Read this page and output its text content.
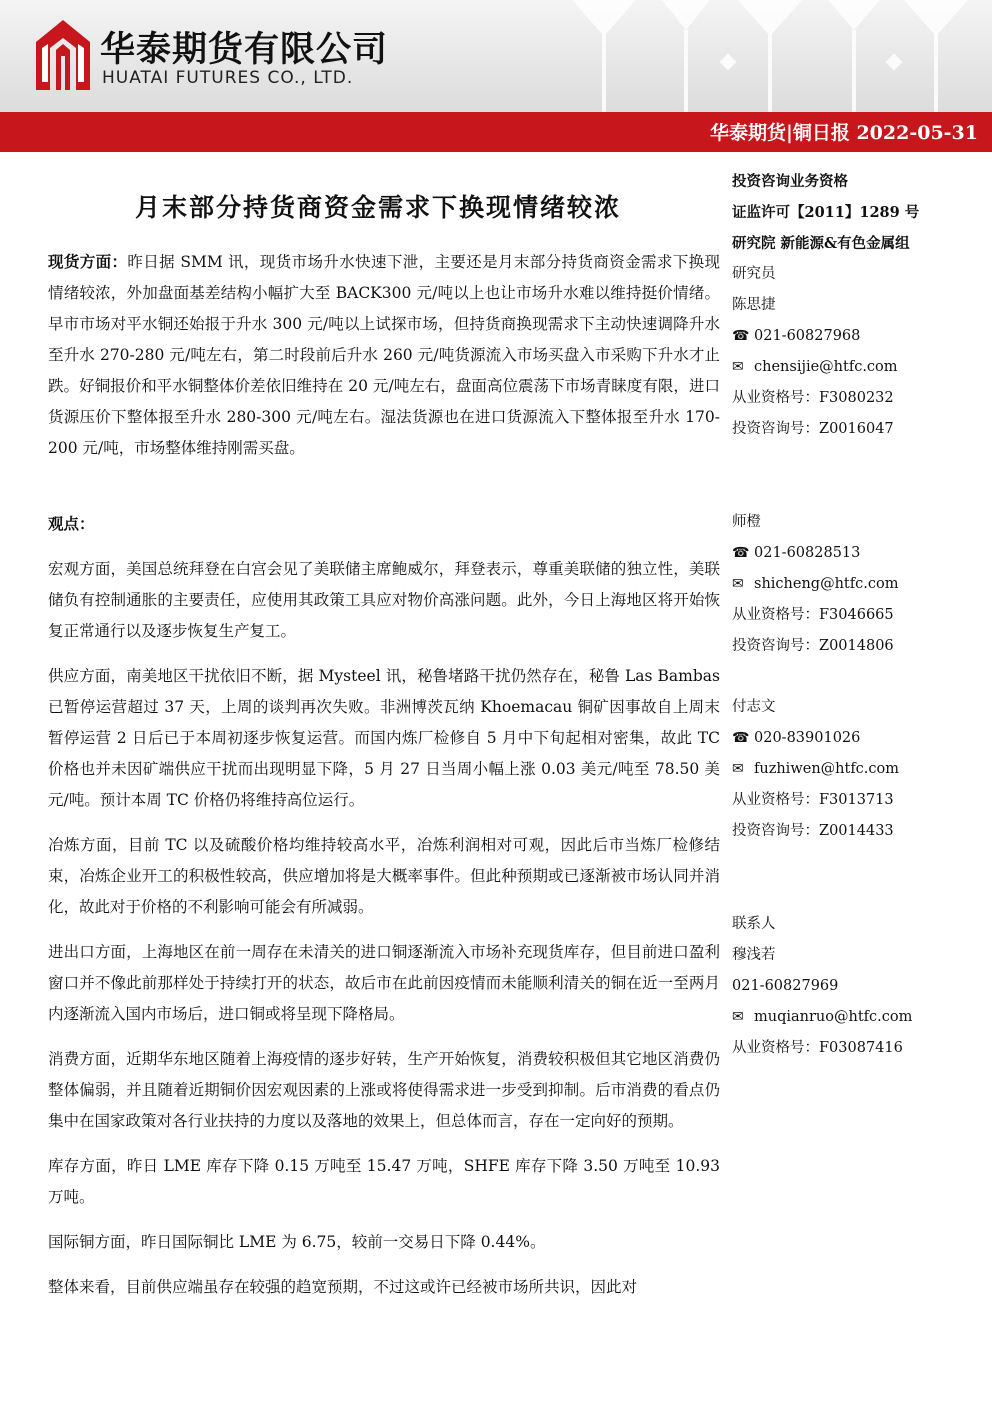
华泰期货有限公司
HUATAI FUTURES CO., LTD.
华泰期货|铜日报 2022-05-31
月末部分持货商资金需求下换现情绪较浓

现货方面：昨日据 SMM 讯，现货市场升水快速下泄，主要还是月末部分持货商资金需求下换现情绪较浓，外加盘面基差结构小幅扩大至 BACK300 元/吨以上也让市场升水难以维持挺价情绪。早市市场对平水铜还始报于升水 300 元/吨以上试探市场，但持货商换现需求下主动快速调降升水至升水 270-280 元/吨左右，第二时段前后升水 260 元/吨货源流入市场买盘入市采购下升水才止跌。好铜报价和平水铜整体价差依旧维持在 20 元/吨左右，盘面高位震荡下市场青睐度有限，进口货源压价下整体报至升水 280-300 元/吨左右。湿法货源也在进口货源流入下整体报至升水 170-200 元/吨，市场整体维持刚需买盘。

观点：

宏观方面，美国总统拜登在白宫会见了美联储主席鲍威尔，拜登表示，尊重美联储的独立性，美联储负有控制通胀的主要责任，应使用其政策工具应对物价高涨问题。此外，今日上海地区将开始恢复正常通行以及逐步恢复生产复工。

供应方面，南美地区干扰依旧不断，据 Mysteel 讯，秘鲁堵路干扰仍然存在，秘鲁 Las Bambas 已暂停运营超过 37 天，上周的谈判再次失败。非洲博茨瓦纳 Khoemacau 铜矿因事故自上周末暂停运营 2 日后已于本周初逐步恢复运营。而国内炼厂检修自 5 月中下旬起相对密集，故此 TC 价格也并未因矿端供应干扰而出现明显下降，5 月 27 日当周小幅上涨 0.03 美元/吨至 78.50 美元/吨。预计本周 TC 价格仍将维持高位运行。

冶炼方面，目前 TC 以及硫酸价格均维持较高水平，冶炼利润相对可观，因此后市当炼厂检修结束，冶炼企业开工的积极性较高，供应增加将是大概率事件。但此种预期或已逐渐被市场认同并消化，故此对于价格的不利影响可能会有所减弱。

进出口方面，上海地区在前一周存在未清关的进口铜逐渐流入市场补充现货库存，但目前进口盈利窗口并不像此前那样处于持续打开的状态，故后市在此前因疫情而未能顺利清关的铜在近一至两月内逐渐流入国内市场后，进口铜或将呈现下降格局。

消费方面，近期华东地区随着上海疫情的逐步好转，生产开始恢复，消费较积极但其它地区消费仍整体偏弱，并且随着近期铜价因宏观因素的上涨或将使得需求进一步受到抑制。后市消费的看点仍集中在国家政策对各行业扶持的力度以及落地的效果上，但总体而言，存在一定向好的预期。

库存方面，昨日 LME 库存下降 0.15 万吨至 15.47 万吨，SHFE 库存下降 3.50 万吨至 10.93 万吨。

国际铜方面，昨日国际铜比 LME 为 6.75，较前一交易日下降 0.44%。

整体来看，目前供应端虽存在较强的趋宽预期，不过这或许已经被市场所共识，因此对

投资咨询业务资格
证监许可【2011】1289 号
研究院 新能源&有色金属组
研究员
陈思捷
☎ 021-60827968
✉ chensijie@htfc.com
从业资格号：F3080232
投资咨询号：Z0016047
师橙
☎ 021-60828513
✉ shicheng@htfc.com
从业资格号：F3046665
投资咨询号：Z0014806
付志文
☎ 020-83901026
✉ fuzhiwen@htfc.com
从业资格号：F3013713
投资咨询号：Z0014433
联系人
穆浅若
021-60827969
✉ muqianruo@htfc.com
从业资格号：F03087416
